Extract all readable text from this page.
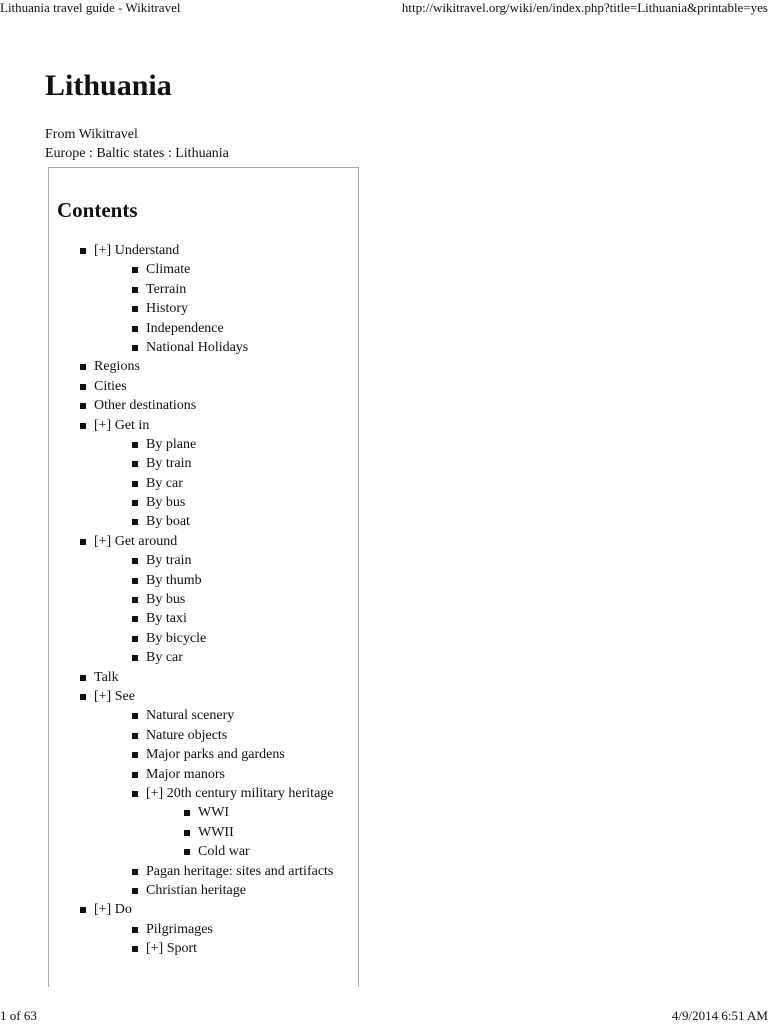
Lithuania travel guide - Wikitravel	http://wikitravel.org/wiki/en/index.php?title=Lithuania&printable=yes
Lithuania
From Wikitravel
Europe : Baltic states : Lithuania
Contents
[+] Understand
Climate
Terrain
History
Independence
National Holidays
Regions
Cities
Other destinations
[+] Get in
By plane
By train
By car
By bus
By boat
[+] Get around
By train
By thumb
By bus
By taxi
By bicycle
By car
Talk
[+] See
Natural scenery
Nature objects
Major parks and gardens
Major manors
[+] 20th century military heritage
WWI
WWII
Cold war
Pagan heritage: sites and artifacts
Christian heritage
[+] Do
Pilgrimages
[+] Sport
1 of 63	4/9/2014 6:51 AM
